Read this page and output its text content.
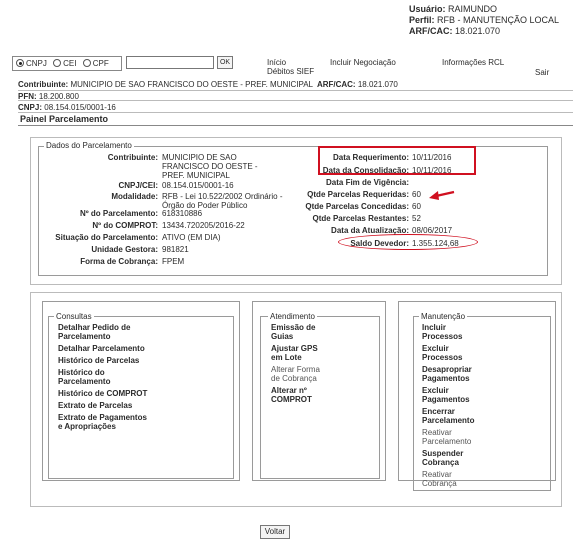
Usuário: RAIMUNDO
Perfil: RFB - MANUTENÇÃO LOCAL
ARF/CAC: 18.021.070
CNPJ CEI CPF	OK	Início
Débitos SIEF
Incluir Negociação	Informações RCL
Sair
Contribuinte: MUNICIPIO DE SAO FRANCISCO DO OESTE - PREF. MUNICIPAL ARF/CAC: 18.021.070
PFN: 18.200.800
CNPJ: 08.154.015/0001-16
Painel Parcelamento
Dados do Parcelamento
Contribuinte: MUNICIPIO DE SAO FRANCISCO DO OESTE - PREF. MUNICIPAL
CNPJ/CEI: 08.154.015/0001-16
Modalidade: RFB - Lei 10.522/2002 Ordinário - Órgão do Poder Público
Nº do Parcelamento: 618310886
Nº do COMPROT: 13434.720205/2016-22
Situação do Parcelamento: ATIVO (EM DIA)
Unidade Gestora: 981821
Forma de Cobrança: FPEM
Data Requerimento: 10/11/2016
Data da Consolidação: 10/11/2016
Data Fim de Vigência:
Qtde Parcelas Requeridas: 60
Qtde Parcelas Concedidas: 60
Qtde Parcelas Restantes: 52
Data da Atualização: 08/06/2017
Saldo Devedor: 1.355.124,68
Consultas
Detalhar Pedido de Parcelamento
Detalhar Parcelamento
Histórico de Parcelas
Histórico do Parcelamento
Histórico de COMPROT
Extrato de Parcelas
Extrato de Pagamentos e Apropriações
Atendimento
Emissão de Guias
Ajustar GPS em Lote
Alterar Forma de Cobrança
Alterar nº COMPROT
Manutenção
Incluir Processos
Excluir Processos
Desapropriar Pagamentos
Excluir Pagamentos
Encerrar Parcelamento
Reativar Parcelamento
Suspender Cobrança
Reativar Cobrança
Voltar
